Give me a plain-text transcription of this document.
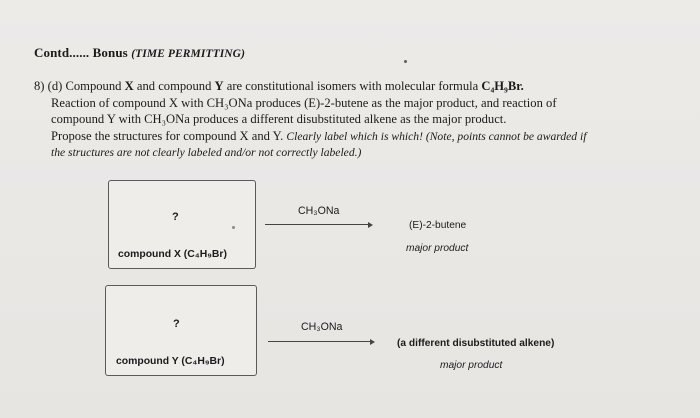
Contd...... Bonus (TIME PERMITTING)
8) (d) Compound X and compound Y are constitutional isomers with molecular formula C₄H₉Br.
Reaction of compound X with CH₃ONa produces (E)-2-butene as the major product, and reaction of
compound Y with CH₃ONa produces a different disubstituted alkene as the major product.
Propose the structures for compound X and Y. Clearly label which is which! (Note, points cannot be awarded if
the structures are not clearly labeled and/or not correctly labeled.)
?
compound X (C₄H₉Br)
CH₃ONa
(E)-2-butene
major product
?
compound Y (C₄H₉Br)
CH₃ONa
(a different disubstituted alkene)
major product
